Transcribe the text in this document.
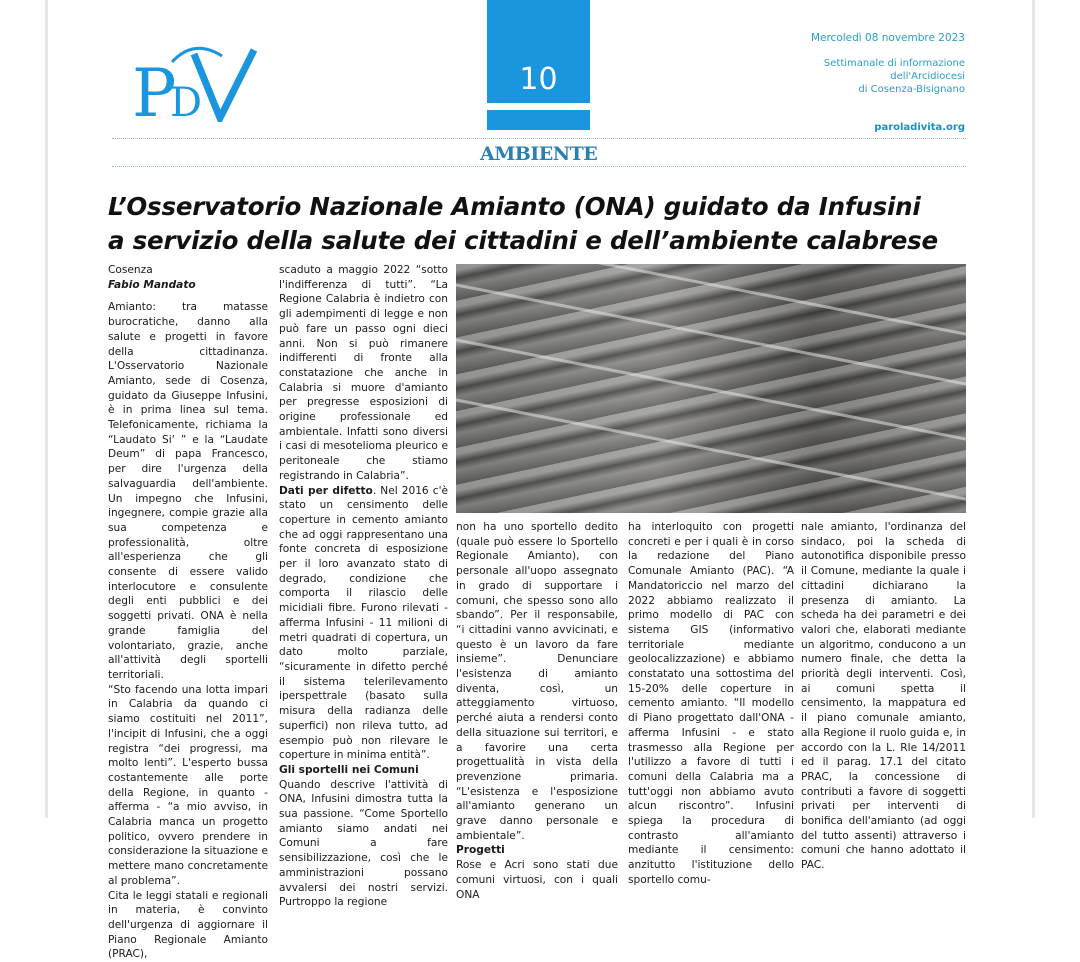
P
D
10
AMBIENTE
Mercoledì 08 novembre 2023
Settimanale di informazione
dell'Arcidiocesi
di Cosenza-Bisignano
paroladivita.org
L’Osservatorio Nazionale Amianto (ONA) guidato da Infusini
a servizio della salute dei cittadini e dell’ambiente calabrese

Cosenza

Fabio Mandato

Amianto: tra matasse burocratiche, danno alla salute e progetti in favore della cittadinanza. L'Osservatorio Nazionale Amianto, sede di Cosenza, guidato da Giuseppe Infusini, è in prima linea sul tema. Telefonicamente, richiama la “Laudato Si’ ” e la “Laudate Deum” di papa Francesco, per dire l'urgenza della salvaguardia dell'ambiente. Un impegno che Infusini, ingegnere, compie grazie alla sua competenza e professionalità, oltre all'esperienza che gli consente di essere valido interlocutore e consulente degli enti pubblici e dei soggetti privati. ONA è nella grande famiglia del volontariato, grazie, anche all'attività degli sportelli territoriali.

“Sto facendo una lotta impari in Calabria da quando ci siamo costituiti nel 2011”, l'incipit di Infusini, che a oggi registra “dei progressi, ma molto lenti”. L'esperto bussa costantemente alle porte della Regione, in quanto - afferma - “a mio avviso, in Calabria manca un progetto politico, ovvero prendere in considerazione la situazione e mettere mano concretamente al problema”.

Cita le leggi statali e regionali in materia, è convinto dell'urgenza di aggiornare il Piano Regionale Amianto (PRAC),

scaduto a maggio 2022 “sotto l'indifferenza di tutti”. “La Regione Calabria è indietro con gli adempimenti di legge e non può fare un passo ogni dieci anni. Non si può rimanere indifferenti di fronte alla constatazione che anche in Calabria si muore d'amianto per pregresse esposizioni di origine professionale ed ambientale. Infatti sono diversi i casi di mesotelioma pleurico e peritoneale che stiamo registrando in Calabria”.

Dati per difetto. Nel 2016 c'è stato un censimento delle coperture in cemento amianto che ad oggi rappresentano una fonte concreta di esposizione per il loro avanzato stato di degrado, condizione che comporta il rilascio delle micidiali fibre. Furono rilevati - afferma Infusini - 11 milioni di metri quadrati di copertura, un dato molto parziale, “sicuramente in difetto perché il sistema telerilevamento iperspettrale (basato sulla misura della radianza delle superfici) non rileva tutto, ad esempio può non rilevare le coperture in minima entità”.

Gli sportelli nei Comuni

Quando descrive l'attività di ONA, Infusini dimostra tutta la sua passione. “Come Sportello amianto siamo andati nei Comuni a fare sensibilizzazione, così che le amministrazioni possano avvalersi dei nostri servizi. Purtroppo la regione

non ha uno sportello dedito (quale può essere lo Sportello Regionale Amianto), con personale all'uopo assegnato in grado di supportare i comuni, che spesso sono allo sbando”. Per il responsabile, “i cittadini vanno avvicinati, e questo è un lavoro da fare insieme”. Denunciare l'esistenza di amianto diventa, così, un atteggiamento virtuoso, perché aiuta a rendersi conto della situazione sui territori, e a favorire una certa progettualità in vista della prevenzione primaria. “L'esistenza e l'esposizione all'amianto generano un grave danno personale e ambientale”.

Progetti

Rose e Acri sono stati due comuni virtuosi, con i quali ONA

ha interloquito con progetti concreti e per i quali è in corso la redazione del Piano Comunale Amianto (PAC). “A Mandatoriccio nel marzo del 2022 abbiamo realizzato il primo modello di PAC con sistema GIS (informativo territoriale mediante geolocalizzazione) e abbiamo constatato una sottostima del 15-20% delle coperture in cemento amianto. “Il modello di Piano progettato dall'ONA - afferma Infusini - e stato trasmesso alla Regione per l'utilizzo a favore di tutti i comuni della Calabria ma a tutt'oggi non abbiamo avuto alcun riscontro”. Infusini spiega la procedura di contrasto all'amianto mediante il censimento: anzitutto l'istituzione dello sportello comu-

nale amianto, l'ordinanza del sindaco, poi la scheda di autonotifica disponibile presso il Comune, mediante la quale i cittadini dichiarano la presenza di amianto. La scheda ha dei parametri e dei valori che, elaborati mediante un algoritmo, conducono a un numero finale, che detta la priorità degli interventi. Così, ai comuni spetta il censimento, la mappatura ed il piano comunale amianto, alla Regione il ruolo guida e, in accordo con la L. Rle 14/2011 ed il parag. 17.1 del citato PRAC, la concessione di contributi a favore di soggetti privati per interventi di bonifica dell'amianto (ad oggi del tutto assenti) attraverso i comuni che hanno adottato il PAC.
